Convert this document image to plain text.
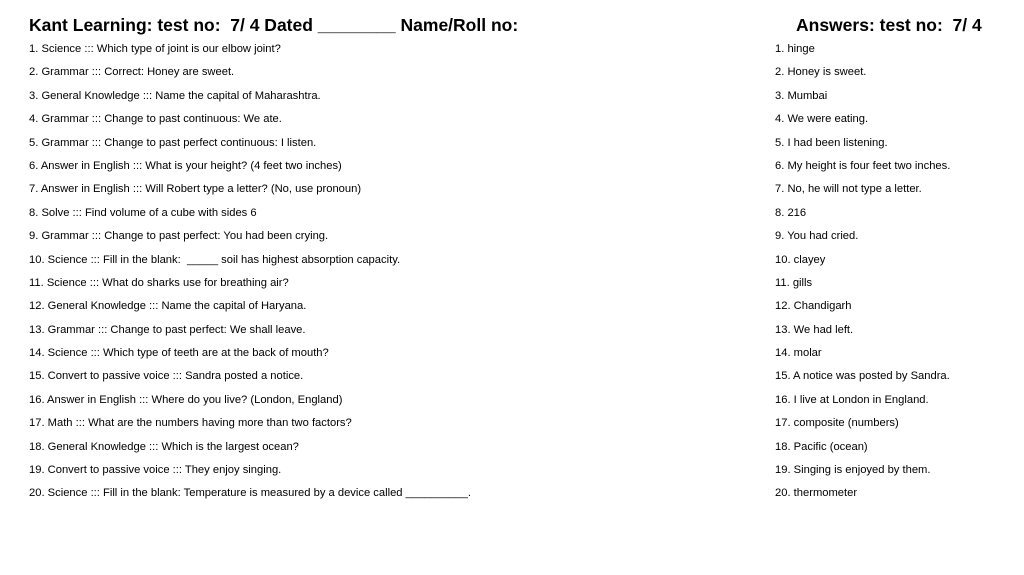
Kant Learning: test no:  7/ 4 Dated ________ Name/Roll no:	Answers: test no:  7/ 4
1. Science ::: Which type of joint is our elbow joint?
2. Grammar ::: Correct: Honey are sweet.
3. General Knowledge ::: Name the capital of Maharashtra.
4. Grammar ::: Change to past continuous: We ate.
5. Grammar ::: Change to past perfect continuous: I listen.
6. Answer in English ::: What is your height? (4 feet two inches)
7. Answer in English ::: Will Robert type a letter? (No, use pronoun)
8. Solve ::: Find volume of a cube with sides 6
9. Grammar ::: Change to past perfect: You had been crying.
10. Science ::: Fill in the blank:  _____ soil has highest absorption capacity.
11. Science ::: What do sharks use for breathing air?
12. General Knowledge ::: Name the capital of Haryana.
13. Grammar ::: Change to past perfect: We shall leave.
14. Science ::: Which type of teeth are at the back of mouth?
15. Convert to passive voice ::: Sandra posted a notice.
16. Answer in English ::: Where do you live? (London, England)
17. Math ::: What are the numbers having more than two factors?
18. General Knowledge ::: Which is the largest ocean?
19. Convert to passive voice ::: They enjoy singing.
20. Science ::: Fill in the blank: Temperature is measured by a device called __________.
1. hinge
2. Honey is sweet.
3. Mumbai
4. We were eating.
5. I had been listening.
6. My height is four feet two inches.
7. No, he will not type a letter.
8. 216
9. You had cried.
10. clayey
11. gills
12. Chandigarh
13. We had left.
14. molar
15. A notice was posted by Sandra.
16. I live at London in England.
17. composite (numbers)
18. Pacific (ocean)
19. Singing is enjoyed by them.
20. thermometer
